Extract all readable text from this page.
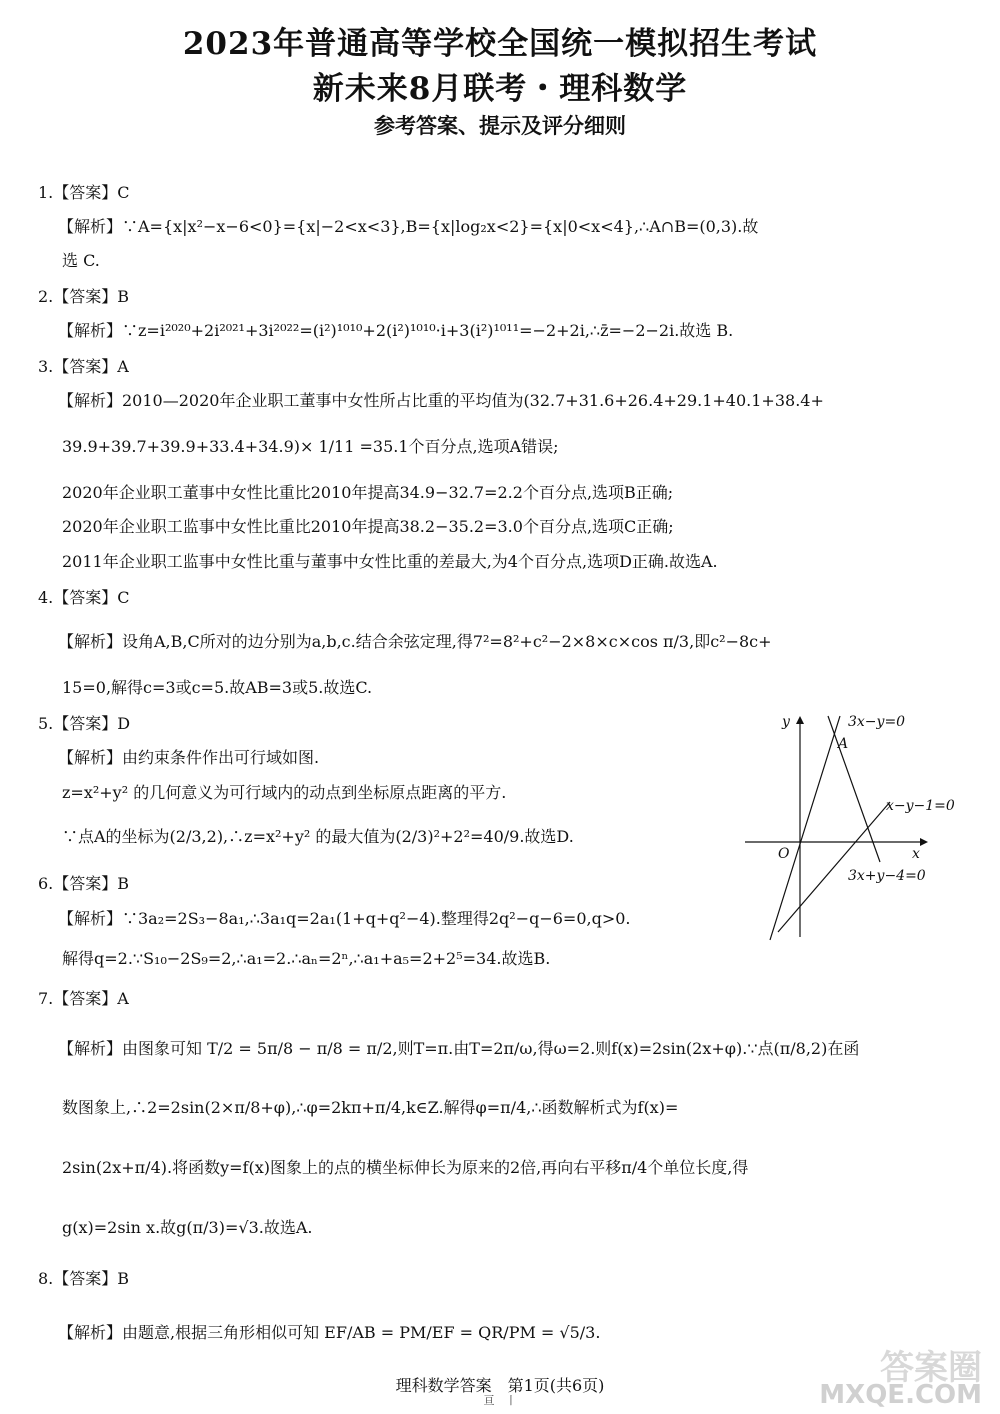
2023年普通高等学校全国统一模拟招生考试
新未来8月联考・理科数学
参考答案、提示及评分细则
1.【答案】C
【解析】∵A={x|x²−x−6<0}={x|−2<x<3},B={x|log₂x<2}={x|0<x<4},∴A∩B=(0,3).故
选 C.
2.【答案】B
【解析】∵z=i²⁰²⁰+2i²⁰²¹+3i²⁰²²=(i²)¹⁰¹⁰+2(i²)¹⁰¹⁰·i+3(i²)¹⁰¹¹=−2+2i,∴z̄=−2−2i.故选 B.
3.【答案】A
【解析】2010—2020年企业职工董事中女性所占比重的平均值为(32.7+31.6+26.4+29.1+40.1+38.4+
39.9+39.7+39.9+33.4+34.9)× 1/11 =35.1个百分点,选项A错误;
2020年企业职工董事中女性比重比2010年提高34.9−32.7=2.2个百分点,选项B正确;
2020年企业职工监事中女性比重比2010年提高38.2−35.2=3.0个百分点,选项C正确;
2011年企业职工监事中女性比重与董事中女性比重的差最大,为4个百分点,选项D正确.故选A.
4.【答案】C
【解析】设角A,B,C所对的边分别为a,b,c.结合余弦定理,得7²=8²+c²−2×8×c×cos π/3,即c²−8c+
15=0,解得c=3或c=5.故AB=3或5.故选C.
5.【答案】D
【解析】由约束条件作出可行域如图.
z=x²+y² 的几何意义为可行域内的动点到坐标原点距离的平方.
∵点A的坐标为(2/3,2),∴z=x²+y² 的最大值为(2/3)²+2²=40/9.故选D.
6.【答案】B
【解析】∵3a₂=2S₃−8a₁,∴3a₁q=2a₁(1+q+q²−4).整理得2q²−q−6=0,q>0.
解得q=2.∵S₁₀−2S₉=2,∴a₁=2.∴aₙ=2ⁿ,∴a₁+a₅=2+2⁵=34.故选B.
7.【答案】A
【解析】由图象可知 T/2 = 5π/8 − π/8 = π/2,则T=π.由T=2π/ω,得ω=2.则f(x)=2sin(2x+φ).∵点(π/8,2)在函
数图象上,∴2=2sin(2×π/8+φ),∴φ=2kπ+π/4,k∈Z.解得φ=π/4,∴函数解析式为f(x)=
2sin(2x+π/4).将函数y=f(x)图象上的点的横坐标伸长为原来的2倍,再向右平移π/4个单位长度,得
g(x)=2sin x.故g(π/3)=√3.故选A.
8.【答案】B
【解析】由题意,根据三角形相似可知 EF/AB = PM/EF = QR/PM = √5/3.
y
x
O
A
3x−y=0
x−y−1=0
3x+y−4=0
理科数学答案　第1页(共6页)
亘　丨
答案圈
MXQE.COM
